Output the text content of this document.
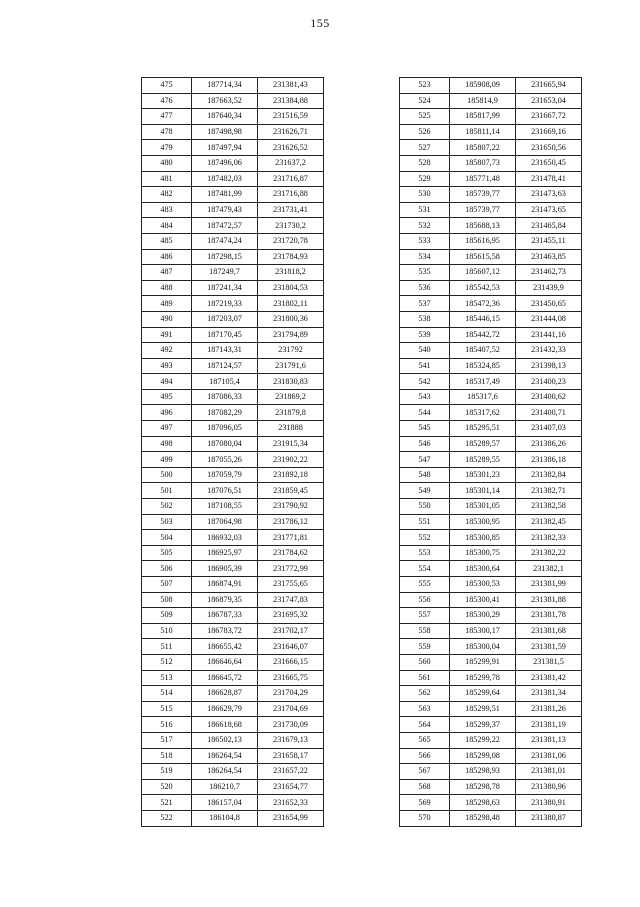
155
475	187714,34	231381,43
476	187663,52	231384,88
477	187640,34	231516,59
478	187498,98	231626,71
479	187497,94	231626,52
480	187496,06	231637,2
481	187482,03	231716,87
482	187481,99	231716,88
483	187479,43	231731,41
484	187472,57	231730,2
485	187474,24	231720,78
486	187298,15	231784,93
487	187249,7	231818,2
488	187241,34	231804,53
489	187219,33	231802,11
490	187203,07	231800,36
491	187170,45	231794,89
492	187143,31	231792
493	187124,57	231791,6
494	187105,4	231830,83
495	187086,33	231869,2
496	187082,29	231879,8
497	187096,05	231888
498	187080,04	231915,34
499	187055,26	231902,22
500	187059,79	231892,18
501	187076,51	231859,45
502	187108,55	231790,92
503	187064,98	231786,12
504	186932,03	231771,81
505	186925,97	231784,62
506	186905,39	231772,99
507	186874,91	231755,65
508	186879,35	231747,83
509	186787,33	231695,32
510	186783,72	231702,17
511	186655,42	231646,07
512	186646,64	231666,15
513	186645,72	231665,75
514	186628,87	231704,29
515	186629,79	231704,69
516	186618,68	231730,09
517	186502,13	231679,13
518	186264,54	231658,17
519	186264,54	231657,22
520	186210,7	231654,77
521	186157,04	231652,33
522	186104,8	231654,99
523	185908,09	231665,94
524	185814,9	231653,04
525	185817,99	231667,72
526	185811,14	231669,16
527	185807,22	231650,56
528	185807,73	231650,45
529	185771,48	231478,41
530	185739,77	231473,63
531	185739,77	231473,65
532	185688,13	231465,84
533	185616,95	231455,11
534	185615,58	231463,85
535	185607,12	231462,73
536	185542,53	231439,9
537	185472,36	231450,65
538	185446,15	231444,08
539	185442,72	231441,16
540	185407,52	231432,33
541	185324,85	231398,13
542	185317,49	231400,23
543	185317,6	231400,62
544	185317,62	231400,71
545	185295,51	231407,03
546	185289,57	231386,26
547	185289,55	231386,18
548	185301,23	231382,84
549	185301,14	231382,71
550	185301,05	231382,58
551	185300,95	231382,45
552	185300,85	231382,33
553	185300,75	231382,22
554	185300,64	231382,1
555	185300,53	231381,99
556	185300,41	231381,88
557	185300,29	231381,78
558	185300,17	231381,68
559	185300,04	231381,59
560	185299,91	231381,5
561	185299,78	231381,42
562	185299,64	231381,34
563	185299,51	231381,26
564	185299,37	231381,19
565	185299,22	231381,13
566	185299,08	231381,06
567	185298,93	231381,01
568	185298,78	231380,96
569	185298,63	231380,91
570	185298,48	231380,87
